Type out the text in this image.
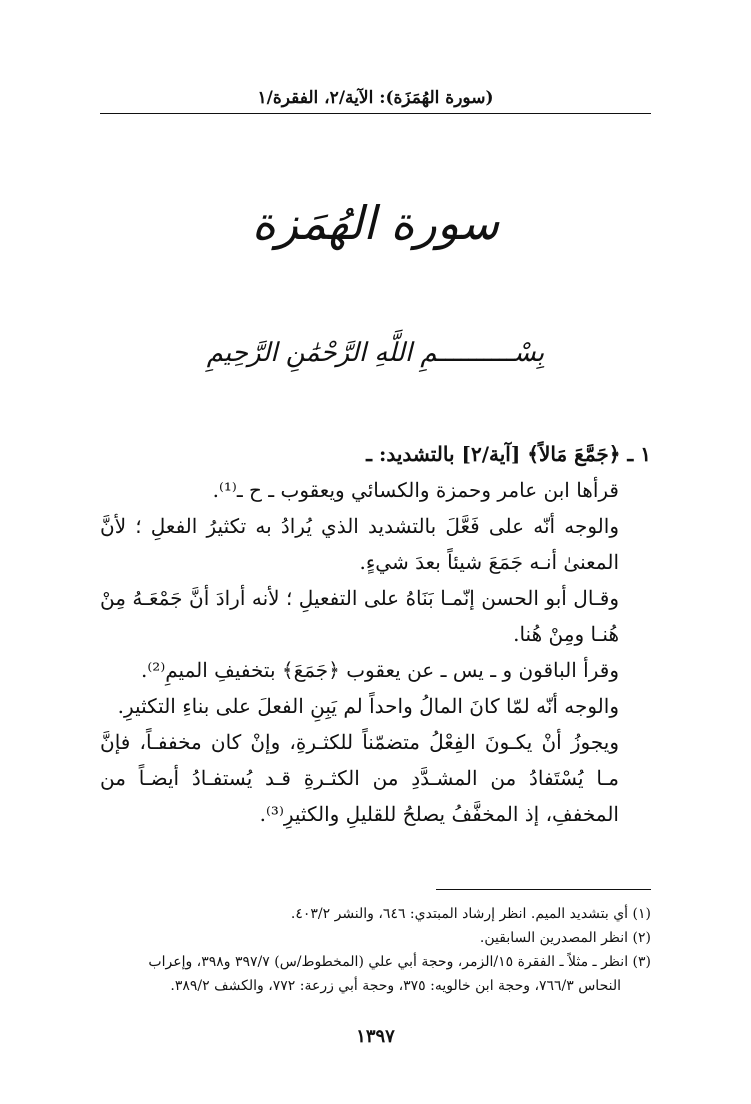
(سورة الهُمَزَة): الآية/٢، الفقرة/١
سورة الهُمَزة
بِسْــــــــــمِ اللَّهِ الرَّحْمَٰنِ الرَّحِيمِ

١ ـ ﴿جَمَّعَ مَالاً﴾ [آية/٢] بالتشديد: ـ

قرأها ابن عامر وحمزة والكسائي ويعقوب ـ ح ـ⁽¹⁾.

والوجه أنّه على فَعَّلَ بالتشديد الذي يُرادُ به تكثيرُ الفعلِ ؛ لأنَّ المعنىٰ أنـه جَمَعَ شيئاً بعدَ شيءٍ.

وقـال أبو الحسن إنّمـا بَنَاهُ على التفعيلِ ؛ لأنه أرادَ أنَّ جَمْعَـهُ مِنْ هُنـا ومِنْ هُنا.

وقرأ الباقون و ـ يس ـ عن يعقوب ﴿جَمَعَ﴾ بتخفيفِ الميمِ⁽²⁾.

والوجه أنّه لمّا كانَ المالُ واحداً لم يَبِنِ الفعلَ على بناءِ التكثيرِ.

ويجوزُ أنْ يكـونَ الفِعْلُ متضمّناً للكثـرةِ، وإنْ كان مخففـاً، فإنَّ مـا يُسْتَفادُ من المشـدَّدِ من الكثـرةِ قـد يُستفـادُ أيضـاً من المخففِ، إذ المخفَّفُ يصلحُ للقليلِ والكثيرِ⁽³⁾.

(١) أي بتشديد الميم. انظر إرشاد المبتدي: ٦٤٦، والنشر ٤٠٣/٢.

(٢) انظر المصدرين السابقين.

(٣) انظر ـ مثلاً ـ الفقرة ١٥/الزمر، وحجة أبي علي (المخطوط/س) ٣٩٧/٧ و٣٩٨، وإعراب

النحاس ٧٦٦/٣، وحجة ابن خالويه: ٣٧٥، وحجة أبي زرعة: ٧٧٢، والكشف ٣٨٩/٢.

١٣٩٧
